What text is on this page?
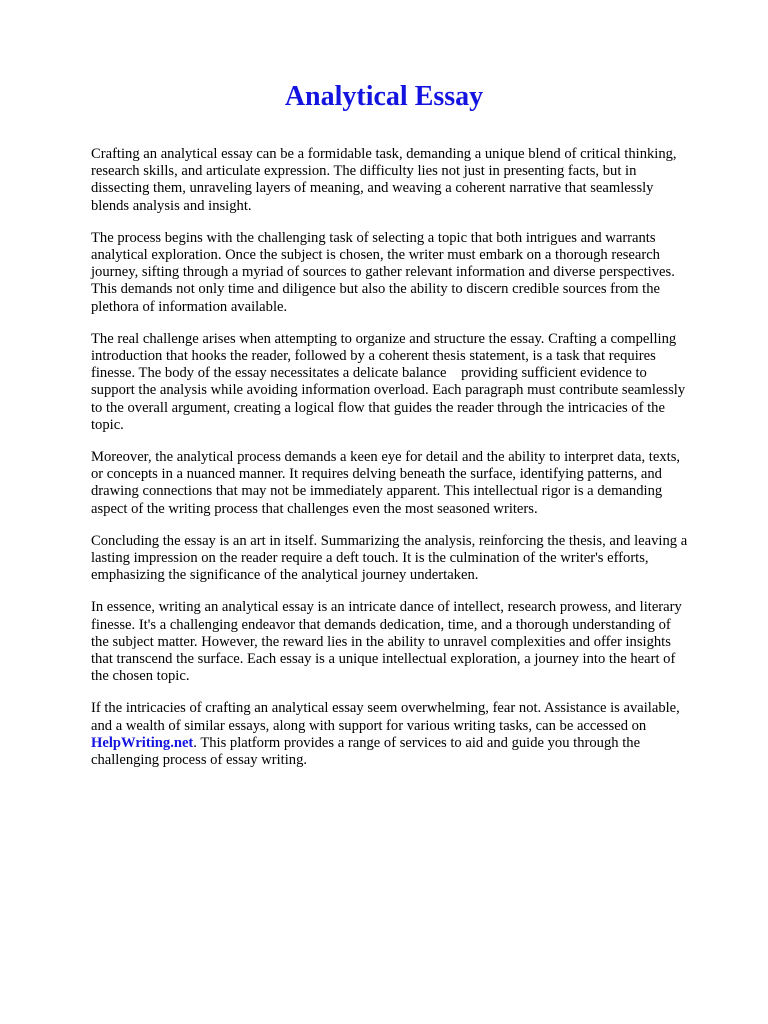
Analytical Essay

Crafting an analytical essay can be a formidable task, demanding a unique blend of critical thinking,
research skills, and articulate expression. The difficulty lies not just in presenting facts, but in
dissecting them, unraveling layers of meaning, and weaving a coherent narrative that seamlessly
blends analysis and insight.

The process begins with the challenging task of selecting a topic that both intrigues and warrants
analytical exploration. Once the subject is chosen, the writer must embark on a thorough research
journey, sifting through a myriad of sources to gather relevant information and diverse perspectives.
This demands not only time and diligence but also the ability to discern credible sources from the
plethora of information available.

The real challenge arises when attempting to organize and structure the essay. Crafting a compelling
introduction that hooks the reader, followed by a coherent thesis statement, is a task that requires
finesse. The body of the essay necessitates a delicate balance    providing sufficient evidence to
support the analysis while avoiding information overload. Each paragraph must contribute seamlessly
to the overall argument, creating a logical flow that guides the reader through the intricacies of the
topic.

Moreover, the analytical process demands a keen eye for detail and the ability to interpret data, texts,
or concepts in a nuanced manner. It requires delving beneath the surface, identifying patterns, and
drawing connections that may not be immediately apparent. This intellectual rigor is a demanding
aspect of the writing process that challenges even the most seasoned writers.

Concluding the essay is an art in itself. Summarizing the analysis, reinforcing the thesis, and leaving a
lasting impression on the reader require a deft touch. It is the culmination of the writer's efforts,
emphasizing the significance of the analytical journey undertaken.

In essence, writing an analytical essay is an intricate dance of intellect, research prowess, and literary
finesse. It's a challenging endeavor that demands dedication, time, and a thorough understanding of
the subject matter. However, the reward lies in the ability to unravel complexities and offer insights
that transcend the surface. Each essay is a unique intellectual exploration, a journey into the heart of
the chosen topic.

If the intricacies of crafting an analytical essay seem overwhelming, fear not. Assistance is available,
and a wealth of similar essays, along with support for various writing tasks, can be accessed on
HelpWriting.net. This platform provides a range of services to aid and guide you through the
challenging process of essay writing.
